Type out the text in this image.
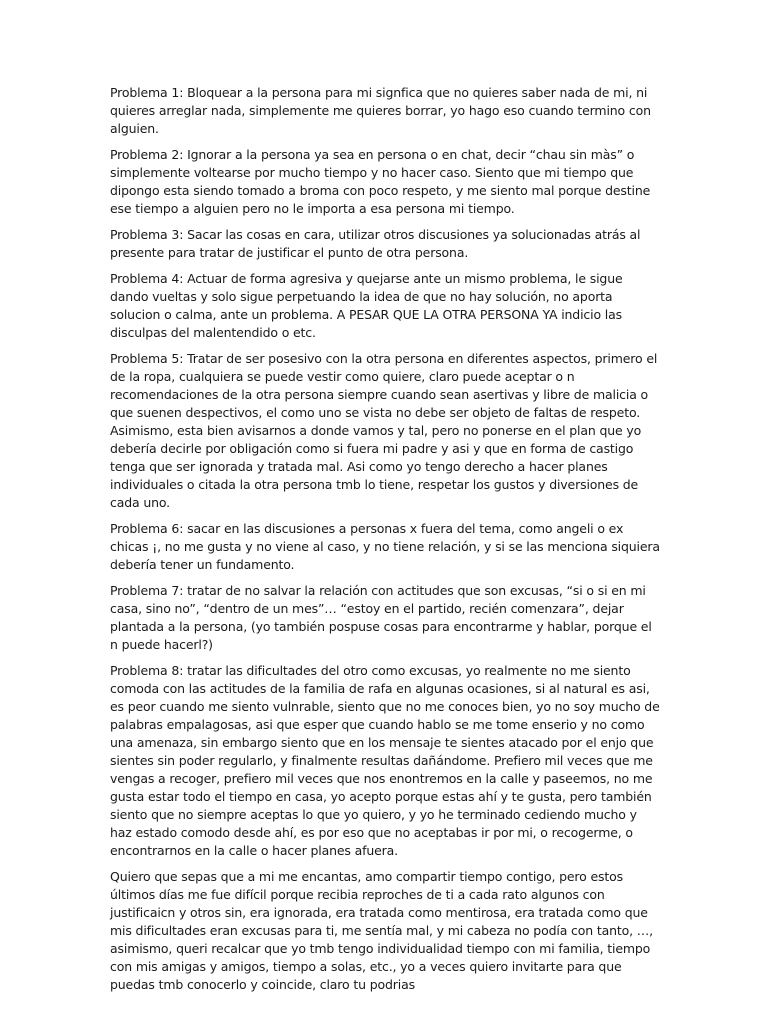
Problema 1: Bloquear a la persona para mi signfica que no quieres saber nada de mi, ni quieres arreglar nada, simplemente me quieres borrar, yo hago eso cuando termino con alguien.

Problema 2: Ignorar a la persona ya sea en persona o en chat, decir “chau sin màs” o simplemente voltearse por mucho tiempo y no hacer caso. Siento que mi tiempo que dipongo esta siendo tomado a broma con poco respeto, y me siento mal porque destine ese tiempo a alguien pero no le importa a esa persona mi tiempo.

Problema 3: Sacar las cosas en cara, utilizar otros discusiones ya solucionadas atrás al presente para tratar de justificar el punto de otra persona.

Problema 4: Actuar de forma agresiva y quejarse ante un mismo problema, le sigue dando vueltas y solo sigue perpetuando la idea de que no hay solución, no aporta solucion o calma, ante un problema. A PESAR QUE LA OTRA PERSONA YA indicio las disculpas del malentendido o etc.

Problema 5: Tratar de ser posesivo con la otra persona en diferentes aspectos, primero el de la ropa, cualquiera se puede vestir como quiere, claro puede aceptar o n recomendaciones de la otra persona siempre cuando sean asertivas y libre de malicia o que suenen despectivos, el como uno se vista no debe ser objeto de faltas de respeto. Asimismo, esta bien avisarnos a donde vamos y tal, pero no ponerse en el plan que yo debería decirle por obligación como si fuera mi padre y asi y que en forma de castigo tenga que ser ignorada y tratada mal. Asi como yo tengo derecho a hacer planes individuales o citada la otra persona tmb lo tiene, respetar los gustos y diversiones de cada uno.

Problema 6: sacar en las discusiones a personas x fuera del tema, como angeli o ex chicas ¡, no me gusta y no viene al caso, y no tiene relación, y si se las menciona siquiera debería tener un fundamento.

Problema 7: tratar de no salvar la relación con actitudes que son excusas, “si o si en mi casa, sino no”, “dentro de un mes”… “estoy en el partido, recién comenzara”, dejar plantada a la persona, (yo también pospuse cosas para encontrarme y hablar, porque el n puede hacerl?)

Problema 8: tratar las dificultades del otro como excusas, yo realmente no me siento comoda con las actitudes de la familia de rafa en algunas ocasiones, si al natural es asi, es peor cuando me siento vulnrable, siento que no me conoces bien, yo no soy mucho de palabras empalagosas, asi que esper que cuando hablo se me tome enserio y no como una amenaza, sin embargo siento que en los mensaje te sientes atacado por el enjo que sientes sin poder regularlo, y finalmente resultas dañándome. Prefiero mil veces que me vengas a recoger, prefiero mil veces que nos enontremos en la calle y paseemos, no me gusta estar todo el tiempo en casa, yo acepto porque estas ahí y te gusta, pero también siento que no siempre aceptas lo que yo quiero, y yo he terminado cediendo mucho y haz estado comodo desde ahí, es por eso que no aceptabas ir por mi, o recogerme, o encontrarnos en la calle o hacer planes afuera.

Quiero que sepas que a mi me encantas, amo compartir tiempo contigo, pero estos últimos días me fue difícil porque recibia reproches de ti a cada rato algunos con justificaicn y otros sin, era ignorada, era tratada como mentirosa, era tratada como que mis dificultades eran excusas para ti, me sentía mal, y mi cabeza no podía con tanto, …, asimismo, queri recalcar que yo tmb tengo individualidad tiempo con mi familia, tiempo con mis amigas y amigos, tiempo a solas, etc., yo a veces quiero invitarte para que puedas tmb conocerlo y coincide, claro tu podrias
